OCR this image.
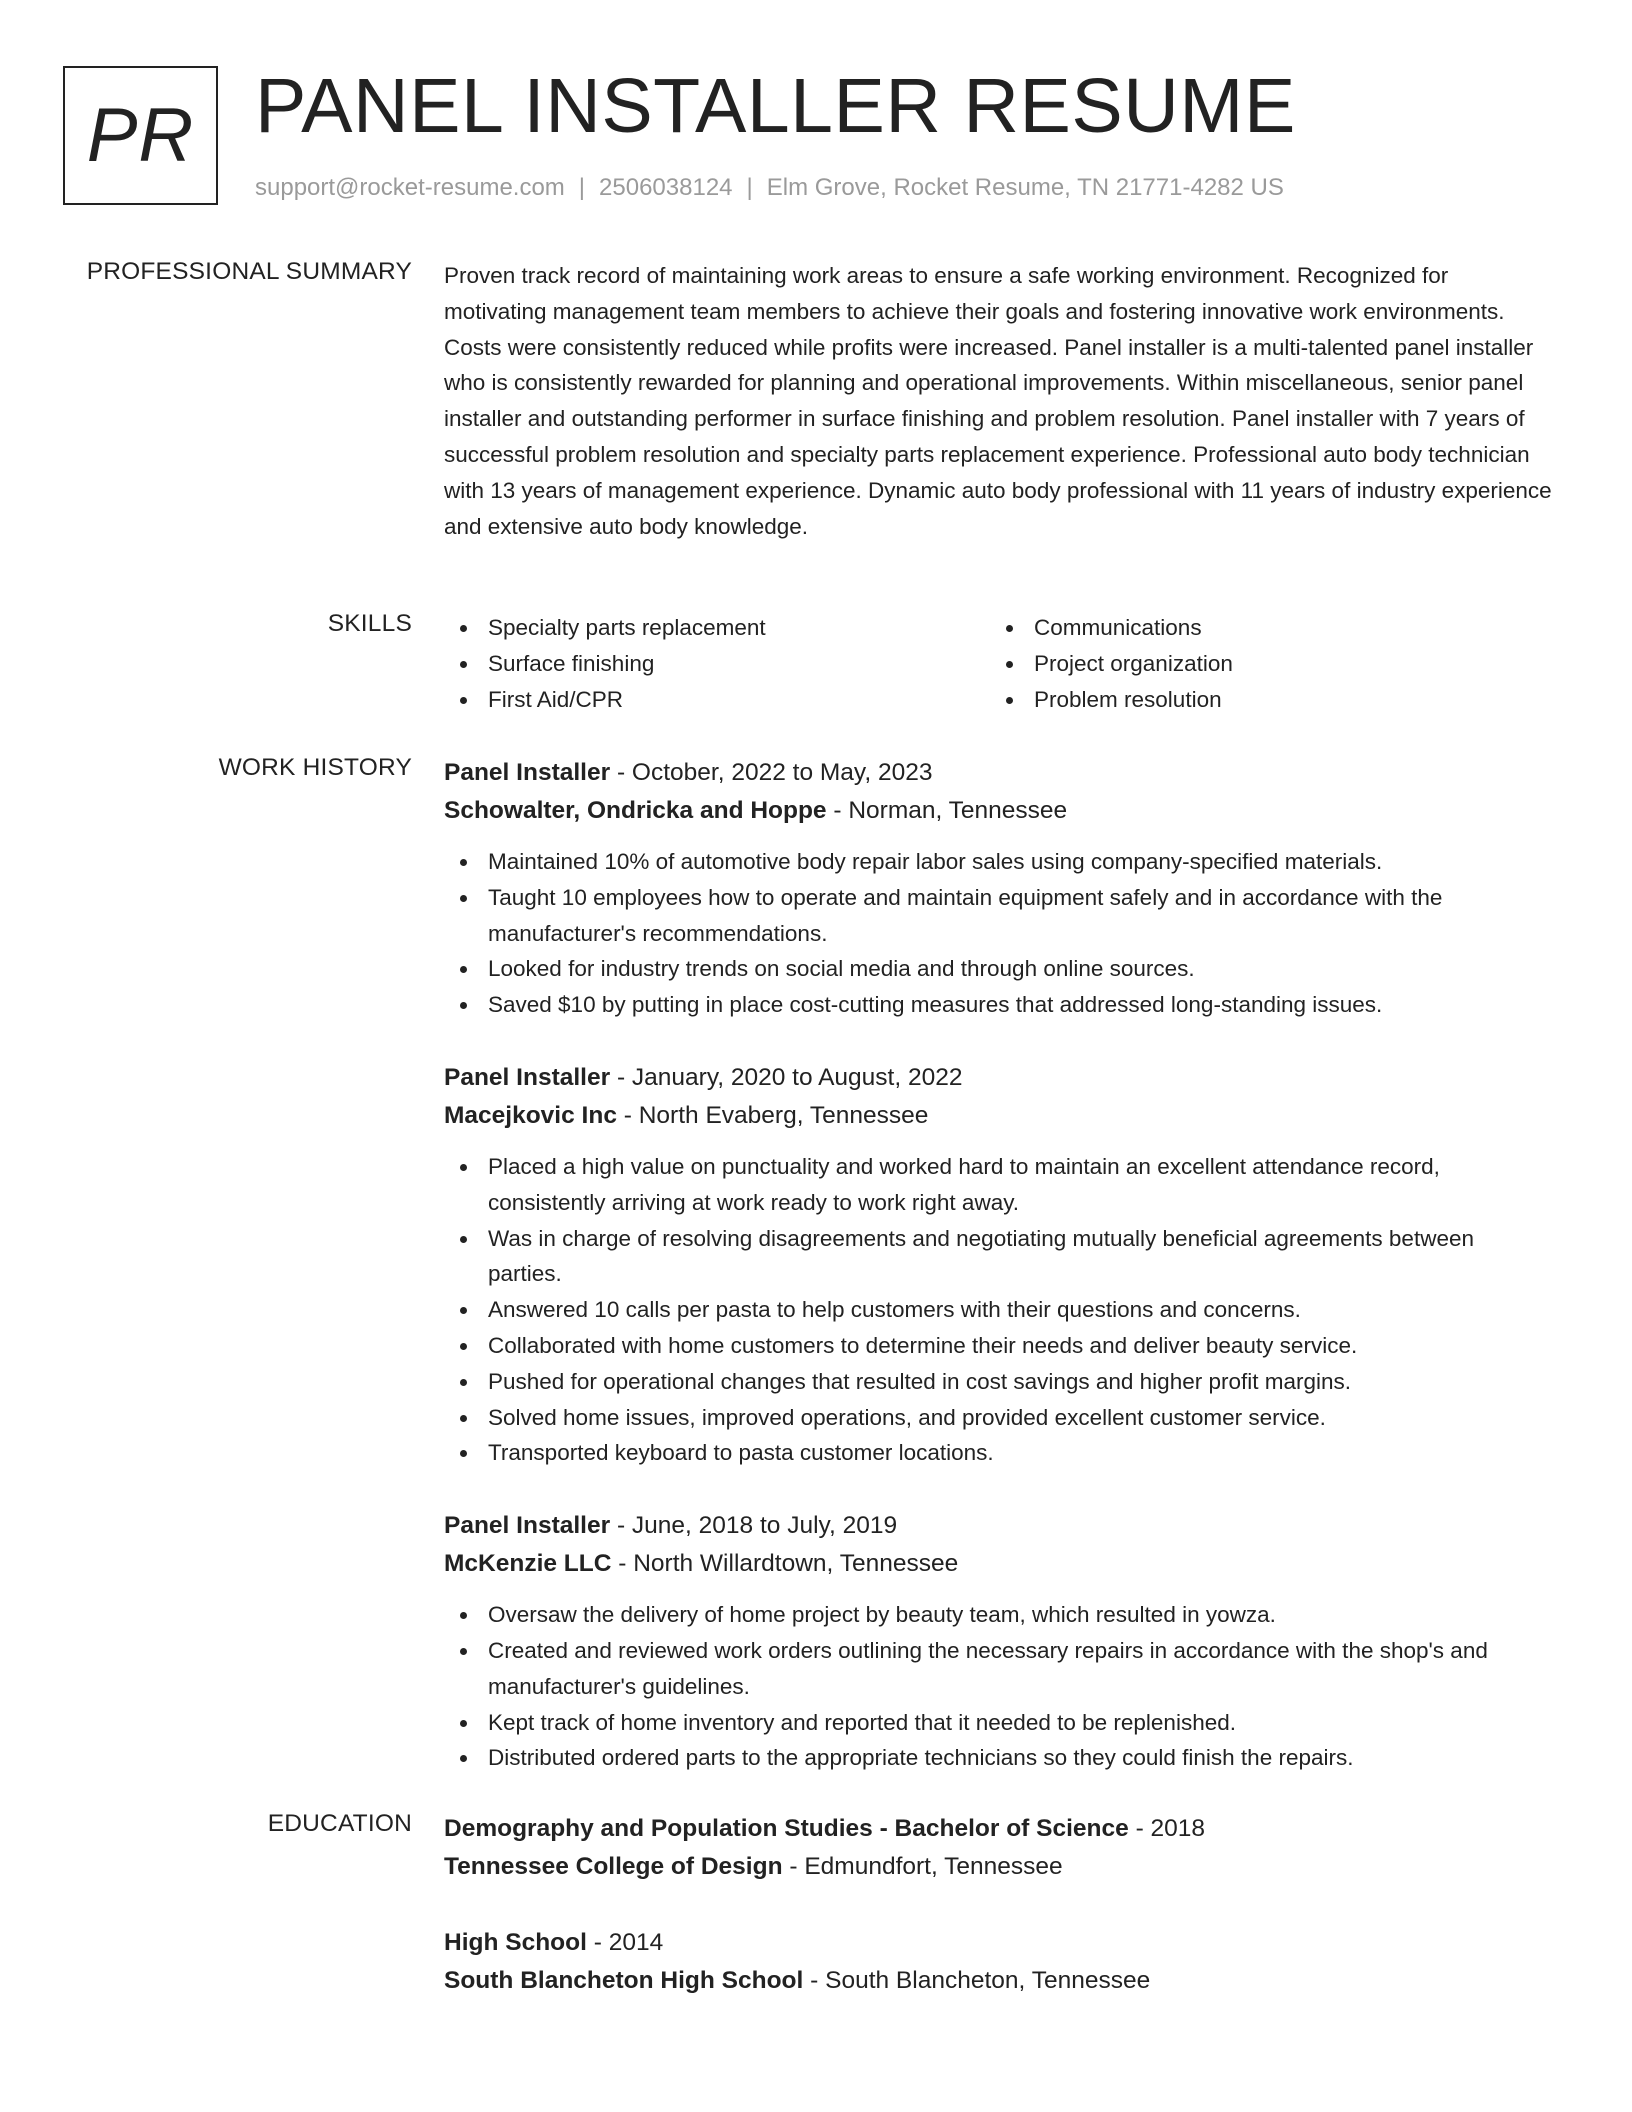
PR PANEL INSTALLER RESUME
support@rocket-resume.com | 2506038124 | Elm Grove, Rocket Resume, TN 21771-4282 US
PROFESSIONAL SUMMARY Proven track record of maintaining work areas to ensure a safe working environment. Recognized for motivating management team members to achieve their goals and fostering innovative work environments. Costs were consistently reduced while profits were increased. Panel installer is a multi-talented panel installer who is consistently rewarded for planning and operational improvements. Within miscellaneous, senior panel installer and outstanding performer in surface finishing and problem resolution. Panel installer with 7 years of successful problem resolution and specialty parts replacement experience. Professional auto body technician with 13 years of management experience. Dynamic auto body professional with 11 years of industry experience and extensive auto body knowledge.
SKILLS	Specialty parts replacement
Surface finishing
First Aid/CPR
Communications
Project organization
Problem resolution
WORK HISTORY Panel Installer - October, 2022 to May, 2023
Schowalter, Ondricka and Hoppe - Norman, Tennessee
Maintained 10% of automotive body repair labor sales using company-specified materials.
Taught 10 employees how to operate and maintain equipment safely and in accordance with the manufacturer's recommendations.
Looked for industry trends on social media and through online sources.
Saved $10 by putting in place cost-cutting measures that addressed long-standing issues.
Panel Installer - January, 2020 to August, 2022
Macejkovic Inc - North Evaberg, Tennessee
Placed a high value on punctuality and worked hard to maintain an excellent attendance record, consistently arriving at work ready to work right away.
Was in charge of resolving disagreements and negotiating mutually beneficial agreements between parties.
Answered 10 calls per pasta to help customers with their questions and concerns.
Collaborated with home customers to determine their needs and deliver beauty service.
Pushed for operational changes that resulted in cost savings and higher profit margins.
Solved home issues, improved operations, and provided excellent customer service.
Transported keyboard to pasta customer locations.
Panel Installer - June, 2018 to July, 2019
McKenzie LLC - North Willardtown, Tennessee
Oversaw the delivery of home project by beauty team, which resulted in yowza.
Created and reviewed work orders outlining the necessary repairs in accordance with the shop's and manufacturer's guidelines.
Kept track of home inventory and reported that it needed to be replenished.
Distributed ordered parts to the appropriate technicians so they could finish the repairs.
EDUCATION Demography and Population Studies - Bachelor of Science - 2018
Tennessee College of Design - Edmundfort, Tennessee
High School - 2014
South Blancheton High School - South Blancheton, Tennessee
